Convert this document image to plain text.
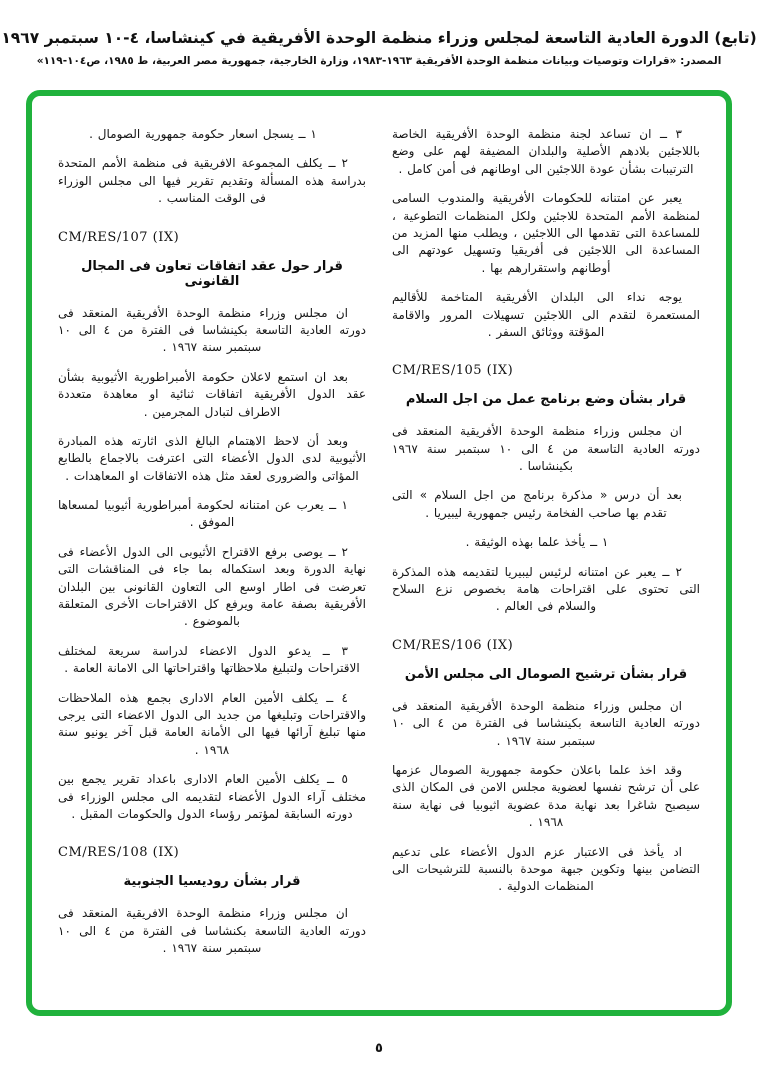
(تابع) الدورة العادية التاسعة لمجلس وزراء منظمة الوحدة الأفريقية في كينشاسا، ٤-١٠ سبتمبر ١٩٦٧
المصدر: «قرارات وتوصيات وبيانات منظمة الوحدة الأفريقية ١٩٦٣-١٩٨٣، وزارة الخارجية، جمهورية مصر العربية، ط ١٩٨٥، ص١٠٤-١١٩»
٣ ــ ان تساعد لجنة منظمة الوحدة الأفريقية الخاصة باللاجئين بلادهم الأصلية والبلدان المضيفة لهم على وضع الترتيبات بشأن عودة اللاجئين الى اوطانهم فى أمن كامل .
يعبر عن امتنانه للحكومات الأفريقية والمندوب السامى لمنظمة الأمم المتحدة للاجئين ولكل المنظمات التطوعية ، للمساعدة التى تقدمها الى اللاجئين ، ويطلب منها المزيد من المساعدة الى اللاجئين فى أفريقيا وتسهيل عودتهم الى أوطانهم واستقرارهم بها .
يوجه نداء الى البلدان الأفريقية المتاخمة للأقاليم المستعمرة لتقدم الى اللاجئين تسهيلات المرور والاقامة المؤقتة ووثائق السفر .
CM/RES/105 (IX)
قرار بشأن وضع برنامج عمل من اجل السلام
ان مجلس وزراء منظمة الوحدة الأفريقية المنعقد فى دورته العادية التاسعة من ٤ الى ١٠ سبتمبر سنة ١٩٦٧ بكينشاسا .
بعد أن درس « مذكرة برنامج من اجل السلام » التى تقدم بها صاحب الفخامة رئيس جمهورية ليبيريا .
١ ــ يأخذ علما بهذه الوثيقة .
٢ ــ يعبر عن امتنانه لرئيس ليبيريا لتقديمه هذه المذكرة التى تحتوى على اقتراحات هامة بخصوص نزع السلاح والسلام فى العالم .
CM/RES/106 (IX)
قرار بشأن ترشيح الصومال الى مجلس الأمن
ان مجلس وزراء منظمة الوحدة الأفريقية المنعقد فى دورته العادية التاسعة بكينشاسا فى الفترة من ٤ الى ١٠ سبتمبر سنة ١٩٦٧ .
وقد اخذ علما باعلان حكومة جمهورية الصومال عزمها على أن ترشح نفسها لعضوية مجلس الامن فى المكان الذى سيصبح شاغرا بعد نهاية مدة عضوية اثيوبيا فى نهاية سنة ١٩٦٨ .
اد يأخذ فى الاعتبار عزم الدول الأعضاء على تدعيم التضامن بينها وتكوين جبهة موحدة بالنسبة للترشيحات الى المنظمات الدولية .
١ ــ يسجل اسعار حكومة جمهورية الصومال .
٢ ــ يكلف المجموعة الافريقية فى منظمة الأمم المتحدة بدراسة هذه المسألة وتقديم تقرير فيها الى مجلس الوزراء فى الوقت المناسب .
CM/RES/107 (IX)
قرار حول عقد اتفاقات تعاون فى المجال القانونى
ان مجلس وزراء منظمة الوحدة الأفريقية المنعقد فى دورته العادية التاسعة بكينشاسا فى الفترة من ٤ الى ١٠ سبتمبر سنة ١٩٦٧ .
بعد ان استمع لاعلان حكومة الأمبراطورية الأثيوبية بشأن عقد الدول الأفريقية اتفاقات ثنائية او معاهدة متعددة الاطراف لتبادل المجرمين .
وبعد أن لاحظ الاهتمام البالغ الذى اثارته هذه المبادرة الأثيوبية لدى الدول الأعضاء التى اعترفت بالاجماع بالطابع المؤاتى والضرورى لعقد مثل هذه الاتفاقات او المعاهدات .
١ ــ يعرب عن امتنانه لحكومة أمبراطورية أثيوبيا لمسعاها الموفق .
٢ ــ يوصى برفع الاقتراح الأثيوبى الى الدول الأعضاء فى نهاية الدورة وبعد استكماله بما جاء فى المناقشات التى تعرضت فى اطار اوسع الى التعاون القانونى بين البلدان الأفريقية بصفة عامة ويرفع كل الاقتراحات الأخرى المتعلقة بالموضوع .
٣ ــ يدعو الدول الاعضاء لدراسة سريعة لمختلف الاقتراحات ولتبليغ ملاحظاتها واقتراحاتها الى الامانة العامة .
٤ ــ يكلف الأمين العام الادارى بجمع هذه الملاحظات والاقتراحات وتبليغها من جديد الى الدول الاعضاء التى يرجى منها تبليغ آرائها فيها الى الأمانة العامة قبل آخر يونيو سنة ١٩٦٨ .
٥ ــ يكلف الأمين العام الادارى باعداد تقرير يجمع بين مختلف آراء الدول الأعضاء لتقديمه الى مجلس الوزراء فى دورته السابقة لمؤتمر رؤساء الدول والحكومات المقبل .
CM/RES/108 (IX)
قرار بشأن روديسيا الجنوبية
ان مجلس وزراء منظمة الوحدة الافريقية المنعقد فى دورته العادية التاسعة بكنشاسا فى الفترة من ٤ الى ١٠ سبتمبر سنة ١٩٦٧ .
٥
